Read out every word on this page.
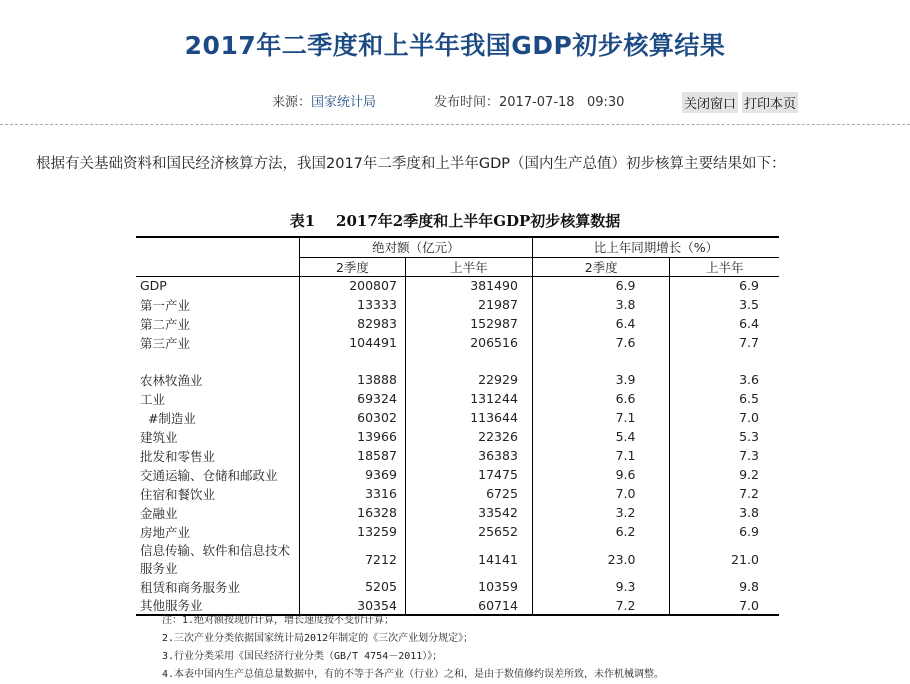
2017年二季度和上半年我国GDP初步核算结果
来源：国家统计局	发布时间：2017-07-18   09:30	关闭窗口 打印本页
根据有关基础资料和国民经济核算方法，我国2017年二季度和上半年GDP（国内生产总值）初步核算主要结果如下：
表1    2017年2季度和上半年GDP初步核算数据
	绝对额（亿元）		比上年同期增长（%）	
	2季度	上半年	2季度	上半年
GDP	200807	381490	6.9	6.9
第一产业	13333	21987	3.8	3.5
第二产业	82983	152987	6.4	6.4
第三产业	104491	206516	7.6	7.7

农林牧渔业	13888	22929	3.9	3.6
工业	69324	131244	6.6	6.5
#制造业	60302	113644	7.1	7.0
建筑业	13966	22326	5.4	5.3
批发和零售业	18587	36383	7.1	7.3
交通运输、仓储和邮政业	9369	17475	9.6	9.2
住宿和餐饮业	3316	6725	7.0	7.2
金融业	16328	33542	3.2	3.8
房地产业	13259	25652	6.2	6.9
信息传输、软件和信息技术服务业	7212	14141	23.0	21.0
租赁和商务服务业	5205	10359	9.3	9.8
其他服务业	30354	60714	7.2	7.0
注：1.绝对额按现价计算，增长速度按不变价计算；
2.三次产业分类依据国家统计局2012年制定的《三次产业划分规定》；
3.行业分类采用《国民经济行业分类（GB/T 4754－2011）》；
4.本表中国内生产总值总量数据中，有的不等于各产业（行业）之和，是由于数值修约误差所致，未作机械调整。
